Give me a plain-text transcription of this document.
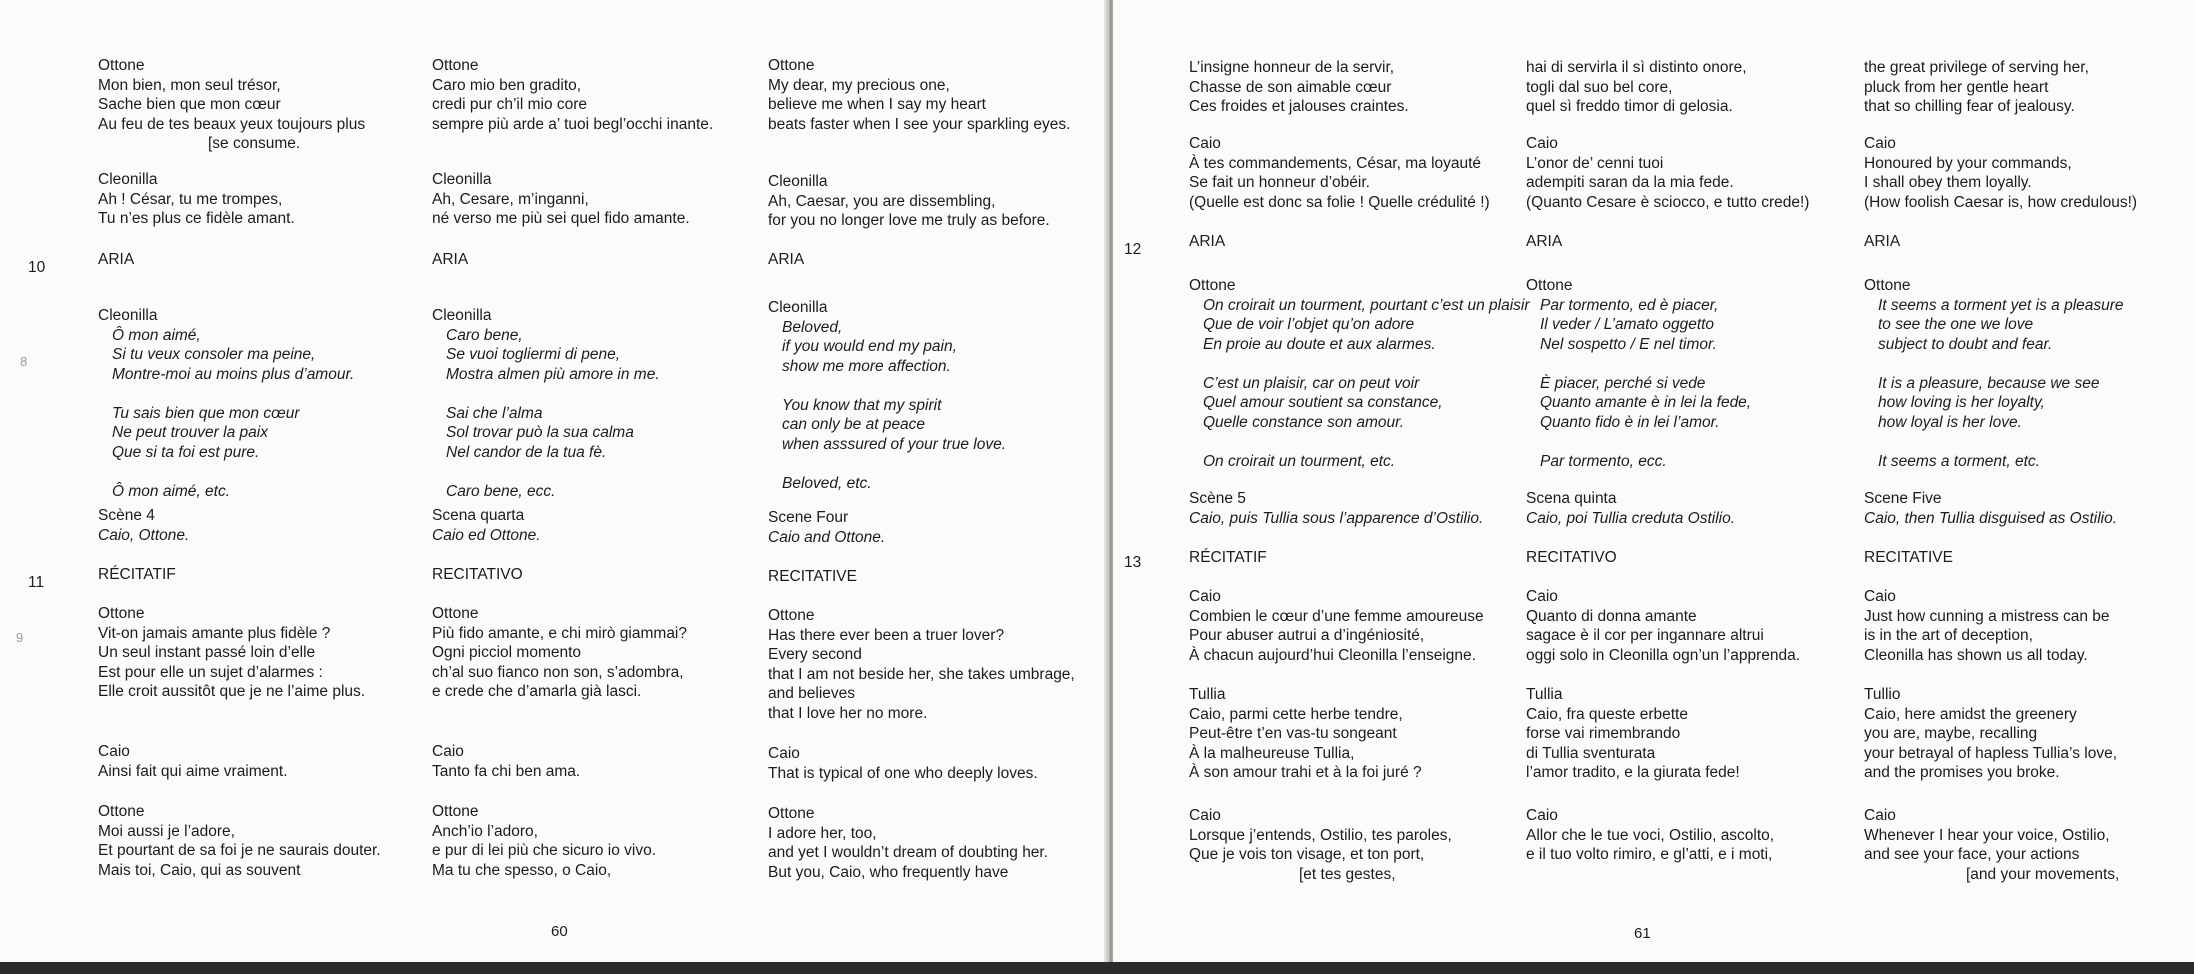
Ottone
Mon bien, mon seul trésor,
Sache bien que mon cœur
Au feu de tes beaux yeux toujours plus
[se consume.
Cleonilla
Ah ! César, tu me trompes,
Tu n’es plus ce fidèle amant.
ARIA
Cleonilla
Ô mon aimé,
Si tu veux consoler ma peine,
Montre-moi au moins plus d’amour.
Tu sais bien que mon cœur
Ne peut trouver la paix
Que si ta foi est pure.
Ô mon aimé, etc.
Scène 4
Caio, Ottone.
RÉCITATIF
Ottone
Vit-on jamais amante plus fidèle ?
Un seul instant passé loin d’elle
Est pour elle un sujet d’alarmes :
Elle croit aussitôt que je ne l’aime plus.
Caio
Ainsi fait qui aime vraiment.
Ottone
Moi aussi je l’adore,
Et pourtant de sa foi je ne saurais douter.
Mais toi, Caio, qui as souvent
Ottone
Caro mio ben gradito,
credi pur ch’il mio core
sempre più arde a’ tuoi begl’occhi inante.
Cleonilla
Ah, Cesare, m’inganni,
né verso me più sei quel fido amante.
ARIA
Cleonilla
Caro bene,
Se vuoi togliermi di pene,
Mostra almen più amore in me.
Sai che l’alma
Sol trovar può la sua calma
Nel candor de la tua fè.
Caro bene, ecc.
Scena quarta
Caio ed Ottone.
RECITATIVO
Ottone
Più fido amante, e chi mirò giammai?
Ogni picciol momento
ch’al suo fianco non son, s’adombra,
e crede che d’amarla già lasci.
Caio
Tanto fa chi ben ama.
Ottone
Anch’io l’adoro,
e pur di lei più che sicuro io vivo.
Ma tu che spesso, o Caio,
Ottone
My dear, my precious one,
believe me when I say my heart
beats faster when I see your sparkling eyes.
Cleonilla
Ah, Caesar, you are dissembling,
for you no longer love me truly as before.
ARIA
Cleonilla
Beloved,
if you would end my pain,
show me more affection.
You know that my spirit
can only be at peace
when asssured of your true love.
Beloved, etc.
Scene Four
Caio and Ottone.
RECITATIVE
Ottone
Has there ever been a truer lover?
Every second
that I am not beside her, she takes umbrage,
and believes
that I love her no more.
Caio
That is typical of one who deeply loves.
Ottone
I adore her, too,
and yet I wouldn’t dream of doubting her.
But you, Caio, who frequently have
10
11
60
8
9
L’insigne honneur de la servir,
Chasse de son aimable cœur
Ces froides et jalouses craintes.
Caio
À tes commandements, César, ma loyauté
Se fait un honneur d’obéir.
(Quelle est donc sa folie ! Quelle crédulité !)
ARIA
Ottone
On croirait un tourment, pourtant c’est un plaisir
Que de voir l’objet qu’on adore
En proie au doute et aux alarmes.
C’est un plaisir, car on peut voir
Quel amour soutient sa constance,
Quelle constance son amour.
On croirait un tourment, etc.
Scène 5
Caio, puis Tullia sous l’apparence d’Ostilio.
RÉCITATIF
Caio
Combien le cœur d’une femme amoureuse
Pour abuser autrui a d’ingéniosité,
À chacun aujourd’hui Cleonilla l’enseigne.
Tullia
Caio, parmi cette herbe tendre,
Peut-être t’en vas-tu songeant
À la malheureuse Tullia,
À son amour trahi et à la foi juré ?
Caio
Lorsque j’entends, Ostilio, tes paroles,
Que je vois ton visage, et ton port,
[et tes gestes,
hai di servirla il sì distinto onore,
togli dal suo bel core,
quel sì freddo timor di gelosia.
Caio
L’onor de’ cenni tuoi
adempiti saran da la mia fede.
(Quanto Cesare è sciocco, e tutto crede!)
ARIA
Ottone
Par tormento, ed è piacer,
Il veder / L’amato oggetto
Nel sospetto / E nel timor.
È piacer, perché si vede
Quanto amante è in lei la fede,
Quanto fido è in lei l’amor.
Par tormento, ecc.
Scena quinta
Caio, poi Tullia creduta Ostilio.
RECITATIVO
Caio
Quanto di donna amante
sagace è il cor per ingannare altrui
oggi solo in Cleonilla ogn’un l’apprenda.
Tullia
Caio, fra queste erbette
forse vai rimembrando
di Tullia sventurata
l’amor tradito, e la giurata fede!
Caio
Allor che le tue voci, Ostilio, ascolto,
e il tuo volto rimiro, e gl’atti, e i moti,
the great privilege of serving her,
pluck from her gentle heart
that so chilling fear of jealousy.
Caio
Honoured by your commands,
I shall obey them loyally.
(How foolish Caesar is, how credulous!)
ARIA
Ottone
It seems a torment yet is a pleasure
to see the one we love
subject to doubt and fear.
It is a pleasure, because we see
how loving is her loyalty,
how loyal is her love.
It seems a torment, etc.
Scene Five
Caio, then Tullia disguised as Ostilio.
RECITATIVE
Caio
Just how cunning a mistress can be
is in the art of deception,
Cleonilla has shown us all today.
Tullio
Caio, here amidst the greenery
you are, maybe, recalling
your betrayal of hapless Tullia’s love,
and the promises you broke.
Caio
Whenever I hear your voice, Ostilio,
and see your face, your actions
[and your movements,
12
13
61
